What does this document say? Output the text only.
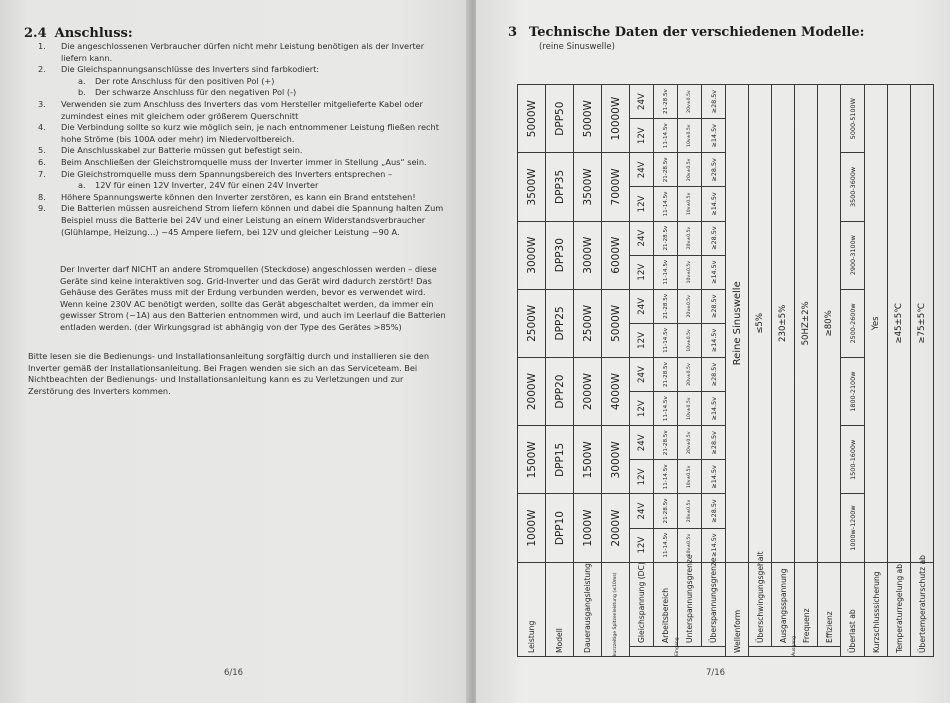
2.4 Anschluss:
1.	Die angeschlossenen Verbraucher dürfen nicht mehr Leistung benötigen als der Inverter liefern kann.
2.	Die Gleichspannungsanschlüsse des Inverters sind farbkodiert:
a.	Der rote Anschluss für den positiven Pol (+)
b.	Der schwarze Anschluss für den negativen Pol (-)
3.	Verwenden sie zum Anschluss des Inverters das vom Hersteller mitgelieferte Kabel oder zumindest eines mit gleichem oder größerem Querschnitt
4.	Die Verbindung sollte so kurz wie möglich sein, je nach entnommener Leistung fließen recht hohe Ströme (bis 100A oder mehr) im Niedervoltbereich.
5.	Die Anschlusskabel zur Batterie müssen gut befestigt sein.
6.	Beim Anschließen der Gleichstromquelle muss der Inverter immer in Stellung „Aus“ sein.
7.	Die Gleichstromquelle muss dem Spannungsbereich des Inverters entsprechen –
a.	12V für einen 12V Inverter, 24V für einen 24V Inverter
8.	Höhere Spannungswerte können den Inverter zerstören, es kann ein Brand entstehen!
9.	Die Batterien müssen ausreichend Strom liefern können und dabei die Spannung halten Zum Beispiel muss die Batterie bei 24V und einer Leistung an einem Widerstandsverbraucher (Glühlampe, Heizung…) ~45 Ampere liefern, bei 12V und gleicher Leistung ~90 A.
Der Inverter darf NICHT an andere Stromquellen (Steckdose) angeschlossen werden – diese Geräte sind keine interaktiven sog. Grid-Inverter und das Gerät wird dadurch zerstört! Das Gehäuse des Gerätes muss mit der Erdung verbunden werden, bevor es verwendet wird. Wenn keine 230V AC benötigt werden, sollte das Gerät abgeschaltet werden, da immer ein gewisser Strom (~1A) aus den Batterien entnommen wird, und auch im Leerlauf die Batterien entladen werden. (der Wirkungsgrad ist abhängig von der Type des Gerätes >85%)
Bitte lesen sie die Bedienungs- und Installationsanleitung sorgfältig durch und installieren sie den Inverter gemäß der Installationsanleitung. Bei Fragen wenden sie sich an das Serviceteam. Bei Nichtbeachten der Bedienungs- und Installationsanleitung kann es zu Verletzungen und zur Zerstörung des Inverters kommen.
6/16
3 Technische Daten der verschiedenen Modelle:
(reine Sinuswelle)
Leistung		1000W		1500W		2000W		2500W		3000W		3500W		5000W	
Modell		DPP10		DPP15		DPP20		DPP25		DPP30		DPP35		DPP50	
Dauerausgangsleistung		1000W		1500W		2000W		2500W		3000W		3500W		5000W	
kurzzeitige Spitzenleistung (≤10ms)		2000W		3000W		4000W		5000W		6000W		7000W		10000W	
Eingang	Gleichspannung (DC)	12V	24V	12V	24V	12V	24V	12V	24V	12V	24V	12V	24V	12V	24V
	Arbeitsbereich	11-14.5v	21-28.5v	11-14.5v	21-28.5v	11-14.5v	21-28.5v	11-14.5v	21-28.5v	11-14.5v	21-28.5v	11-14.5v	21-28.5v	11-14.5v	21-28.5v
	Unterspannungsgrenze	10v±0.5v	20v±0.5v	10v±0.5v	20v±0.5v	10v±0.5v	20v±0.5v	10v±0.5v	20v±0.5v	10v±0.5v	20v±0.5v	10v±0.5v	20v±0.5v	10v±0.5v	20v±0.5v
	Überspannungsgrenze	≥14.5v	≥28.5v	≥14.5v	≥28.5v	≥14.5v	≥28.5v	≥14.5v	≥28.5v	≥14.5v	≥28.5v	≥14.5v	≥28.5v	≥14.5v	≥28.5v
Wellenform		Reine Sinuswelle													
Ausgang	Überschwingungsgehalt	≤5%													
	Ausgangsspannung	230±5%													
	Frequenz	50HZ±2%													
	Effizienz	≥80%													
Überlast ab		1000w-1200w		1500-1600w		1800-2100w		2500-2600w		2900-3100w		3500-3600w		5000-5100W	
Kurzschlusssicherung		Yes													
Temperaturregelung ab		≥45±5℃													
Übertemperaturschutz ab		≥75±5℃													
7/16
